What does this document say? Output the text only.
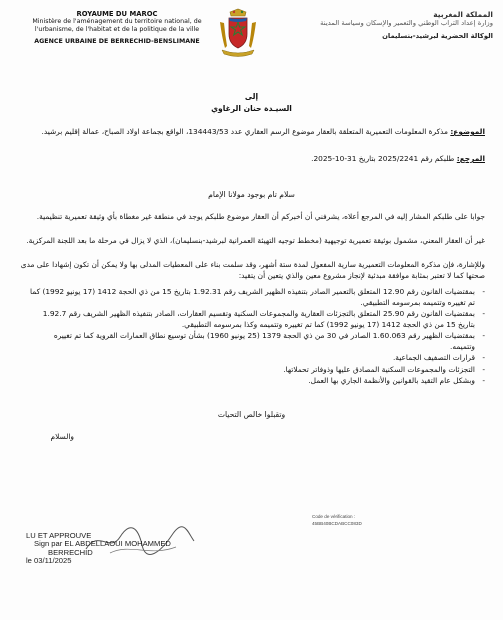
ROYAUME DU MAROC
Ministère de l'aménagement du territoire national, de l'urbanisme, de l'habitat et de la politique de la ville
AGENCE URBAINE DE BERRECHID-BENSLIMANE
المملكة المغربية
وزارة إعداد التراب الوطني والتعمير والإسكان وسياسة المدينة
الوكالة الحضرية لبرشيد-بنسليمان
إلى
السيـدة حنان الرغاوي
الموضوع: مذكرة المعلومات التعميرية المتعلقة بالعقار موضوع الرسم العقاري عدد 134443/53، الواقع بجماعة اولاد الصباح، عمالة إقليم برشيد.
المرجع: طلبكم رقم 2025/2241 بتاريخ 31-10-2025.
سلام تام بوجود مولانا الإمام
جوابا على طلبكم المشار إليه في المرجع أعلاه، يشرفني أن أخبركم أن العقار موضوع طلبكم يوجد في منطقة غير مغطاة بأي وثيقة تعميرية تنظيمية.
غير أن العقار المعني، مشمول بوثيقة تعميرية توجيهية (مخطط توجيه التهيئة العمرانية لبرشيد-بنسليمان)، الذي لا يزال في مرحلة ما بعد اللجنة المركزية.
وللإشارة، فإن مذكرة المعلومات التعميرية سارية المفعول لمدة ستة أشهر، وقد سلمت بناء على المعطيات المدلى بها ولا يمكن أن تكون إشهادا على مدى صحتها كما لا تعتبر بمثابة موافقة مبدئية لإنجاز مشروع معين والذي يتعين أن يتقيد:
- بمقتضيات القانون رقم 12.90 المتعلق بالتعمير الصادر بتنفيذه الظهير الشريف رقم 1.92.31 بتاريخ 15 من ذي الحجة 1412 (17 يونيو 1992) كما تم تغييره وتتميمه بمرسومه التطبيقي.
- بمقتضيات القانون رقم 25.90 المتعلق بالتجزئات العقارية والمجموعات السكنية وتقسيم العقارات، الصادر بتنفيذه الظهير الشريف رقم 1.92.7 بتاريخ 15 من ذي الحجة 1412 (17 يونيو 1992) كما تم تغييره وتتميمه وكذا بمرسومه التطبيقي.
- بمقتضيات الظهير رقم 1.60.063 الصادر في 30 من ذي الحجة 1379 (25 يونيو 1960) بشأن توسيع نطاق العمارات القروية كما تم تغييره وتتميمه.
- قرارات التصفيف الجماعية.
- التجزئات والمجموعات السكنية المصادق عليها وذوفاتر تحملاتها.
- وبشكل عام التقيد بالقوانين والأنظمة الجاري بها العمل.
وتقبلوا خالص التحيات
والسلام
Code de vérification :
45BB40BCDABCC083D
LU ET APPROUVE
Sign par EL ABDELLAOUI MOHAMMED
BERRECHID
le 03/11/2025
